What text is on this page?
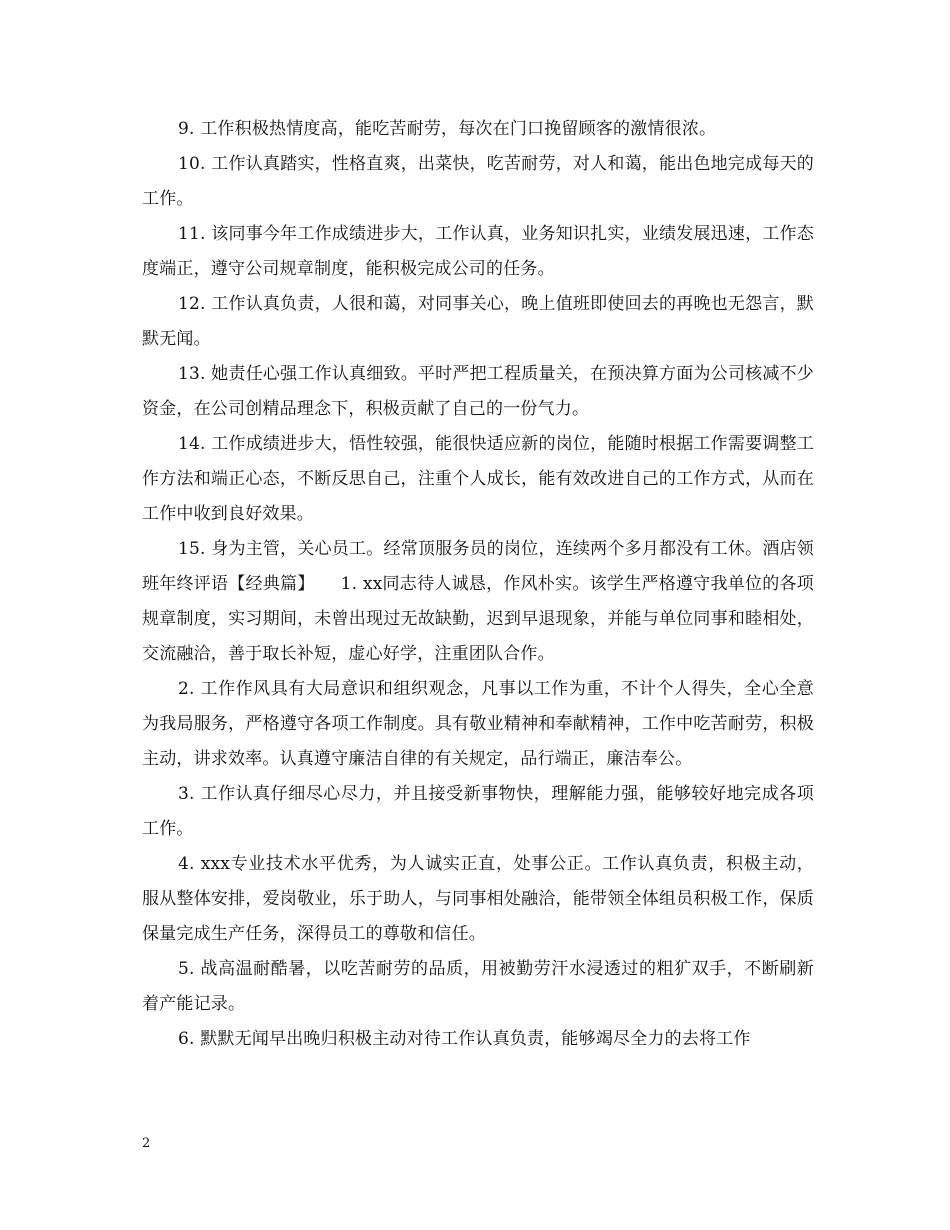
9. 工作积极热情度高，能吃苦耐劳，每次在门口挽留顾客的激情很浓。

10. 工作认真踏实，性格直爽，出菜快，吃苦耐劳，对人和蔼，能出色地完成每天的工作。

11. 该同事今年工作成绩进步大，工作认真，业务知识扎实，业绩发展迅速，工作态度端正，遵守公司规章制度，能积极完成公司的任务。

12. 工作认真负责，人很和蔼，对同事关心，晚上值班即使回去的再晚也无怨言，默默无闻。

13. 她责任心强工作认真细致。平时严把工程质量关，在预决算方面为公司核减不少资金，在公司创精品理念下，积极贡献了自己的一份气力。

14. 工作成绩进步大，悟性较强，能很快适应新的岗位，能随时根据工作需要调整工作方法和端正心态，不断反思自己，注重个人成长，能有效改进自己的工作方式，从而在工作中收到良好效果。

15. 身为主管，关心员工。经常顶服务员的岗位，连续两个多月都没有工休。酒店领班年终评语【经典篇】　　1. xx同志待人诚恳，作风朴实。该学生严格遵守我单位的各项规章制度，实习期间，未曾出现过无故缺勤，迟到早退现象，并能与单位同事和睦相处，交流融洽，善于取长补短，虚心好学，注重团队合作。

2. 工作作风具有大局意识和组织观念，凡事以工作为重，不计个人得失，全心全意为我局服务，严格遵守各项工作制度。具有敬业精神和奉献精神，工作中吃苦耐劳，积极主动，讲求效率。认真遵守廉洁自律的有关规定，品行端正，廉洁奉公。

3. 工作认真仔细尽心尽力，并且接受新事物快，理解能力强，能够较好地完成各项工作。

4. xxx专业技术水平优秀，为人诚实正直，处事公正。工作认真负责，积极主动，服从整体安排，爱岗敬业，乐于助人，与同事相处融洽，能带领全体组员积极工作，保质保量完成生产任务，深得员工的尊敬和信任。

5. 战高温耐酷暑，以吃苦耐劳的品质，用被勤劳汗水浸透过的粗犷双手，不断刷新着产能记录。

6. 默默无闻早出晚归积极主动对待工作认真负责，能够竭尽全力的去将工作

2
